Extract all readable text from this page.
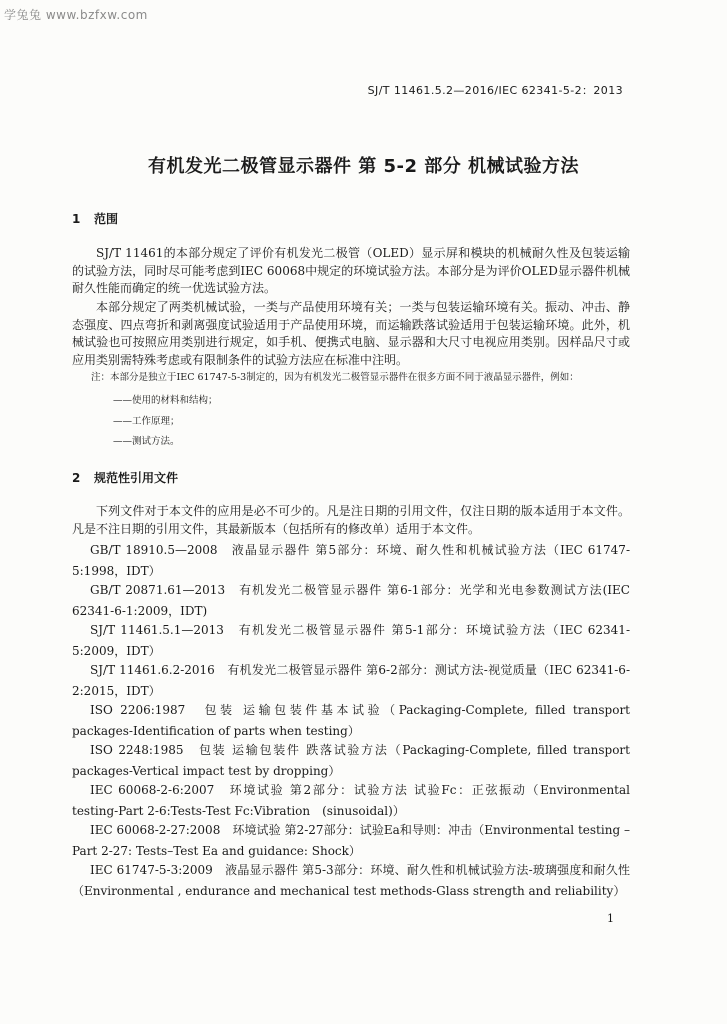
学兔兔 www.bzfxw.com
SJ/T 11461.5.2—2016/IEC 62341-5-2：2013
有机发光二极管显示器件 第 5-2 部分 机械试验方法
1 范围
SJ/T 11461的本部分规定了评价有机发光二极管（OLED）显示屏和模块的机械耐久性及包装运输的试验方法，同时尽可能考虑到IEC 60068中规定的环境试验方法。本部分是为评价OLED显示器件机械耐久性能而确定的统一优选试验方法。
本部分规定了两类机械试验，一类与产品使用环境有关；一类与包装运输环境有关。振动、冲击、静态强度、四点弯折和剥离强度试验适用于产品使用环境，而运输跌落试验适用于包装运输环境。此外，机械试验也可按照应用类别进行规定，如手机、便携式电脑、显示器和大尺寸电视应用类别。因样品尺寸或应用类别需特殊考虑或有限制条件的试验方法应在标准中注明。
注：本部分是独立于IEC 61747-5-3制定的，因为有机发光二极管显示器件在很多方面不同于液晶显示器件，例如：
——使用的材料和结构；
——工作原理；
——测试方法。
2 规范性引用文件
下列文件对于本文件的应用是必不可少的。凡是注日期的引用文件，仅注日期的版本适用于本文件。凡是不注日期的引用文件，其最新版本（包括所有的修改单）适用于本文件。
GB/T 18910.5—2008　液晶显示器件 第5部分：环境、耐久性和机械试验方法（IEC 61747-5:1998，IDT）
GB/T 20871.61—2013　有机发光二极管显示器件 第6-1部分：光学和光电参数测试方法(IEC 62341-6-1:2009，IDT)
SJ/T 11461.5.1—2013　有机发光二极管显示器件 第5-1部分：环境试验方法（IEC 62341-5:2009，IDT）
SJ/T 11461.6.2-2016　有机发光二极管显示器件 第6-2部分：测试方法-视觉质量（IEC 62341-6-2:2015，IDT）
ISO 2206:1987　包装 运输包装件基本试验（Packaging-Complete, filled transport packages-Identification of parts when testing）
ISO 2248:1985　包装 运输包装件 跌落试验方法（Packaging-Complete, filled transport packages-Vertical impact test by dropping）
IEC 60068-2-6:2007　环境试验 第2部分：试验方法 试验Fc：正弦振动（Environmental testing-Part 2-6:Tests-Test Fc:Vibration　(sinusoidal)）
IEC 60068-2-27:2008　环境试验 第2-27部分：试验Ea和导则：冲击（Environmental testing – Part 2-27: Tests–Test Ea and guidance: Shock）
IEC 61747-5-3:2009　液晶显示器件 第5-3部分：环境、耐久性和机械试验方法-玻璃强度和耐久性（Environmental , endurance and mechanical test methods-Glass strength and reliability）
1
